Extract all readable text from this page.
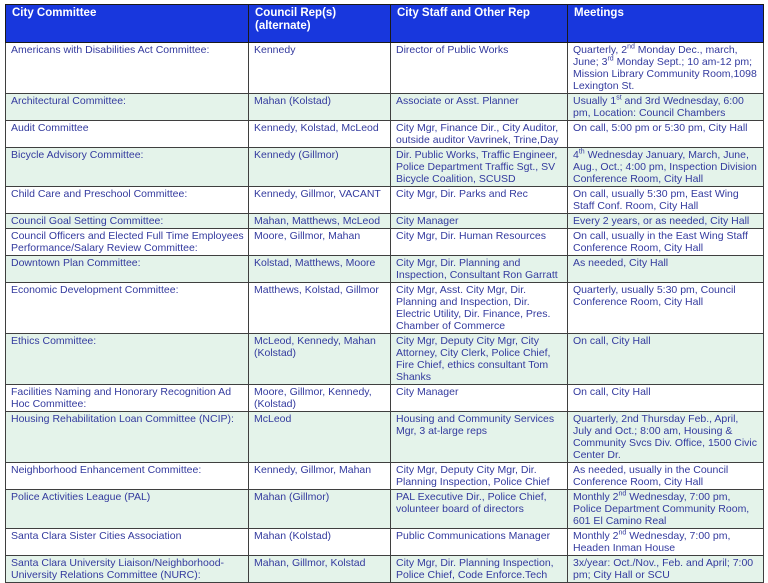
City Committee	Council Rep(s) (alternate)	City Staff and Other Rep	Meetings
Americans with Disabilities Act Committee:	Kennedy	Director of Public Works	Quarterly, 2nd Monday Dec., march, June; 3rd Monday Sept.; 10 am-12 pm; Mission Library Community Room,1098 Lexington St.
Architectural Committee:	Mahan (Kolstad)	Associate or Asst. Planner	Usually 1st and 3rd Wednesday, 6:00 pm, Location: Council Chambers
Audit Committee	Kennedy, Kolstad, McLeod	City Mgr, Finance Dir., City Auditor, outside auditor Vavrinek, Trine,Day	On call, 5:00 pm or 5:30 pm, City Hall
Bicycle Advisory Committee:	Kennedy (Gillmor)	Dir. Public Works, Traffic Engineer, Police Department Traffic Sgt., SV Bicycle Coalition, SCUSD	4th Wednesday January, March, June, Aug., Oct.; 4:00 pm, Inspection Division Conference Room, City Hall
Child Care and Preschool Committee:	Kennedy, Gillmor, VACANT	City Mgr, Dir. Parks and Rec	On call, usually 5:30 pm, East Wing Staff Conf. Room, City Hall
Council Goal Setting Committee:	Mahan, Matthews, McLeod	City Manager	Every 2 years, or as needed, City Hall
Council Officers and Elected Full Time Employees Performance/Salary Review Committee:	Moore, Gillmor, Mahan	City Mgr, Dir. Human Resources	On call, usually in the East Wing Staff Conference Room, City Hall
Downtown Plan Committee:	Kolstad, Matthews, Moore	City Mgr, Dir. Planning and Inspection, Consultant Ron Garratt	As needed, City Hall
Economic Development Committee:	Matthews, Kolstad, Gillmor	City Mgr, Asst. City Mgr, Dir. Planning and Inspection, Dir. Electric Utility, Dir. Finance, Pres. Chamber of Commerce	Quarterly, usually 5:30 pm, Council Conference Room, City Hall
Ethics Committee:	McLeod, Kennedy, Mahan (Kolstad)	City Mgr, Deputy City Mgr, City Attorney, City Clerk, Police Chief, Fire Chief, ethics consultant Tom Shanks	On call, City Hall
Facilities Naming and Honorary Recognition Ad Hoc Committee:	Moore, Gillmor, Kennedy, (Kolstad)	City Manager	On call, City Hall
Housing Rehabilitation Loan Committee (NCIP):	McLeod	Housing and Community Services Mgr, 3 at-large reps	Quarterly, 2nd Thursday Feb., April, July and Oct.; 8:00 am, Housing & Community Svcs Div. Office, 1500 Civic Center Dr.
Neighborhood Enhancement Committee:	Kennedy, Gillmor, Mahan	City Mgr, Deputy City Mgr, Dir. Planning Inspection, Police Chief	As needed, usually in the Council Conference Room, City Hall
Police Activities League (PAL)	Mahan (Gillmor)	PAL Executive Dir., Police Chief, volunteer board of directors	Monthly 2nd Wednesday, 7:00 pm, Police Department Community Room, 601 El Camino Real
Santa Clara Sister Cities Association	Mahan (Kolstad)	Public Communications Manager	Monthly 2nd Wednesday, 7:00 pm, Headen Inman House
Santa Clara University Liaison/Neighborhood-University Relations Committee (NURC):	Mahan, Gillmor, Kolstad	City Mgr, Dir. Planning Inspection, Police Chief, Code Enforce.Tech	3x/year: Oct./Nov., Feb. and April; 7:00 pm; City Hall or SCU
